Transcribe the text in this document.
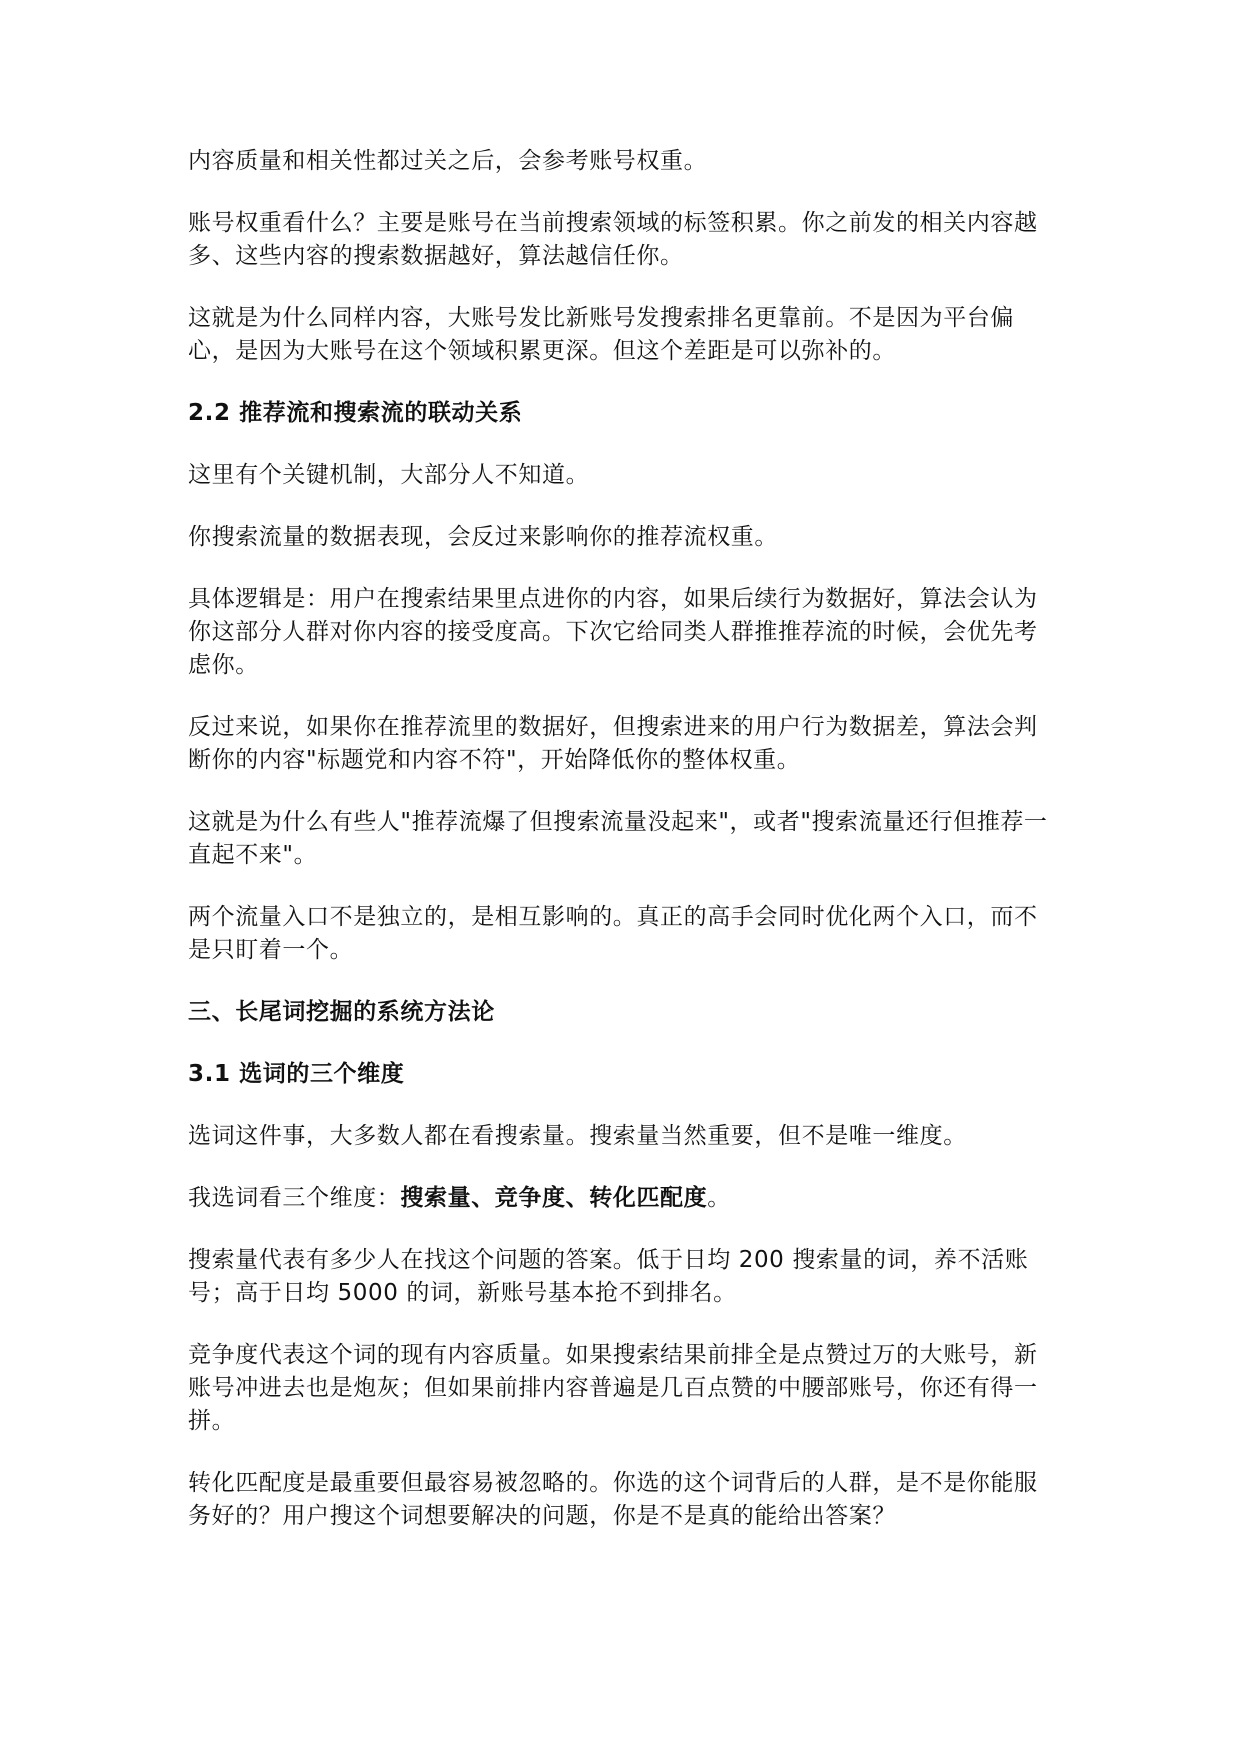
内容质量和相关性都过关之后，会参考账号权重。

账号权重看什么？主要是账号在当前搜索领域的标签积累。你之前发的相关内容越多、这些内容的搜索数据越好，算法越信任你。

这就是为什么同样内容，大账号发比新账号发搜索排名更靠前。不是因为平台偏心，是因为大账号在这个领域积累更深。但这个差距是可以弥补的。

2.2 推荐流和搜索流的联动关系

这里有个关键机制，大部分人不知道。

你搜索流量的数据表现，会反过来影响你的推荐流权重。

具体逻辑是：用户在搜索结果里点进你的内容，如果后续行为数据好，算法会认为你这部分人群对你内容的接受度高。下次它给同类人群推推荐流的时候，会优先考虑你。

反过来说，如果你在推荐流里的数据好，但搜索进来的用户行为数据差，算法会判断你的内容"标题党和内容不符"，开始降低你的整体权重。

这就是为什么有些人"推荐流爆了但搜索流量没起来"，或者"搜索流量还行但推荐一直起不来"。

两个流量入口不是独立的，是相互影响的。真正的高手会同时优化两个入口，而不是只盯着一个。

三、长尾词挖掘的系统方法论
3.1 选词的三个维度

选词这件事，大多数人都在看搜索量。搜索量当然重要，但不是唯一维度。

我选词看三个维度：搜索量、竞争度、转化匹配度。

搜索量代表有多少人在找这个问题的答案。低于日均 200 搜索量的词，养不活账号；高于日均 5000 的词，新账号基本抢不到排名。

竞争度代表这个词的现有内容质量。如果搜索结果前排全是点赞过万的大账号，新账号冲进去也是炮灰；但如果前排内容普遍是几百点赞的中腰部账号，你还有得一拼。

转化匹配度是最重要但最容易被忽略的。你选的这个词背后的人群，是不是你能服务好的？用户搜这个词想要解决的问题，你是不是真的能给出答案？
